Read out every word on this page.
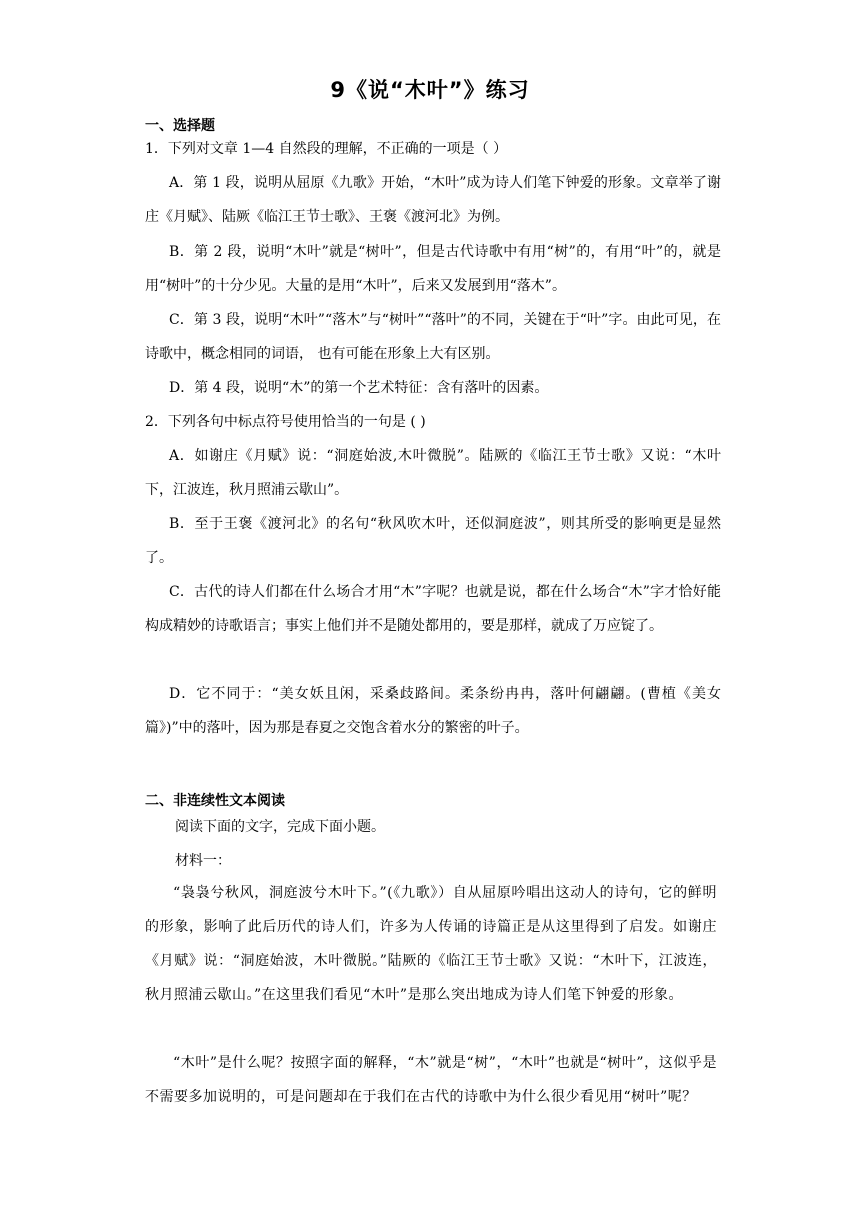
9《说“木叶”》练习
一、选择题
1．下列对文章 1—4 自然段的理解，不正确的一项是（ ）
A．第 1 段，说明从屈原《九歌》开始，“木叶”成为诗人们笔下钟爱的形象。文章举了谢庄《月赋》、陆厥《临江王节士歌》、王褒《渡河北》为例。
B．第 2 段，说明“木叶”就是“树叶”，但是古代诗歌中有用“树”的，有用“叶”的，就是用“树叶”的十分少见。大量的是用“木叶”，后来又发展到用“落木”。
C．第 3 段，说明“木叶”“落木”与“树叶”“落叶”的不同，关键在于“叶”字。由此可见，在诗歌中，概念相同的词语， 也有可能在形象上大有区别。
D．第 4 段，说明“木”的第一个艺术特征：含有落叶的因素。
2．下列各句中标点符号使用恰当的一句是 ( )
A．如谢庄《月赋》说：“洞庭始波,木叶微脱”。陆厥的《临江王节士歌》又说：“木叶下，江波连，秋月照浦云歇山”。
B．至于王褒《渡河北》的名句“秋风吹木叶，还似洞庭波”，则其所受的影响更是显然了。
C．古代的诗人们都在什么场合才用“木”字呢？也就是说，都在什么场合“木”字才恰好能构成精妙的诗歌语言；事实上他们并不是随处都用的，要是那样，就成了万应锭了。
D．它不同于：“美女妖且闲，采桑歧路间。柔条纷冉冉，落叶何翩翩。(曹植《美女篇》)”中的落叶，因为那是春夏之交饱含着水分的繁密的叶子。
二、非连续性文本阅读
阅读下面的文字，完成下面小题。
材料一：
“袅袅兮秋风，洞庭波兮木叶下。”(《九歌》）自从屈原吟唱出这动人的诗句，它的鲜明的形象，影响了此后历代的诗人们，许多为人传诵的诗篇正是从这里得到了启发。如谢庄《月赋》说：“洞庭始波，木叶微脱。”陆厥的《临江王节士歌》又说：“木叶下，江波连，秋月照浦云歇山。”在这里我们看见“木叶”是那么突出地成为诗人们笔下钟爱的形象。
“木叶”是什么呢？按照字面的解释，“木”就是“树”，“木叶”也就是“树叶”，这似乎是不需要多加说明的，可是问题却在于我们在古代的诗歌中为什么很少看见用“树叶”呢？
